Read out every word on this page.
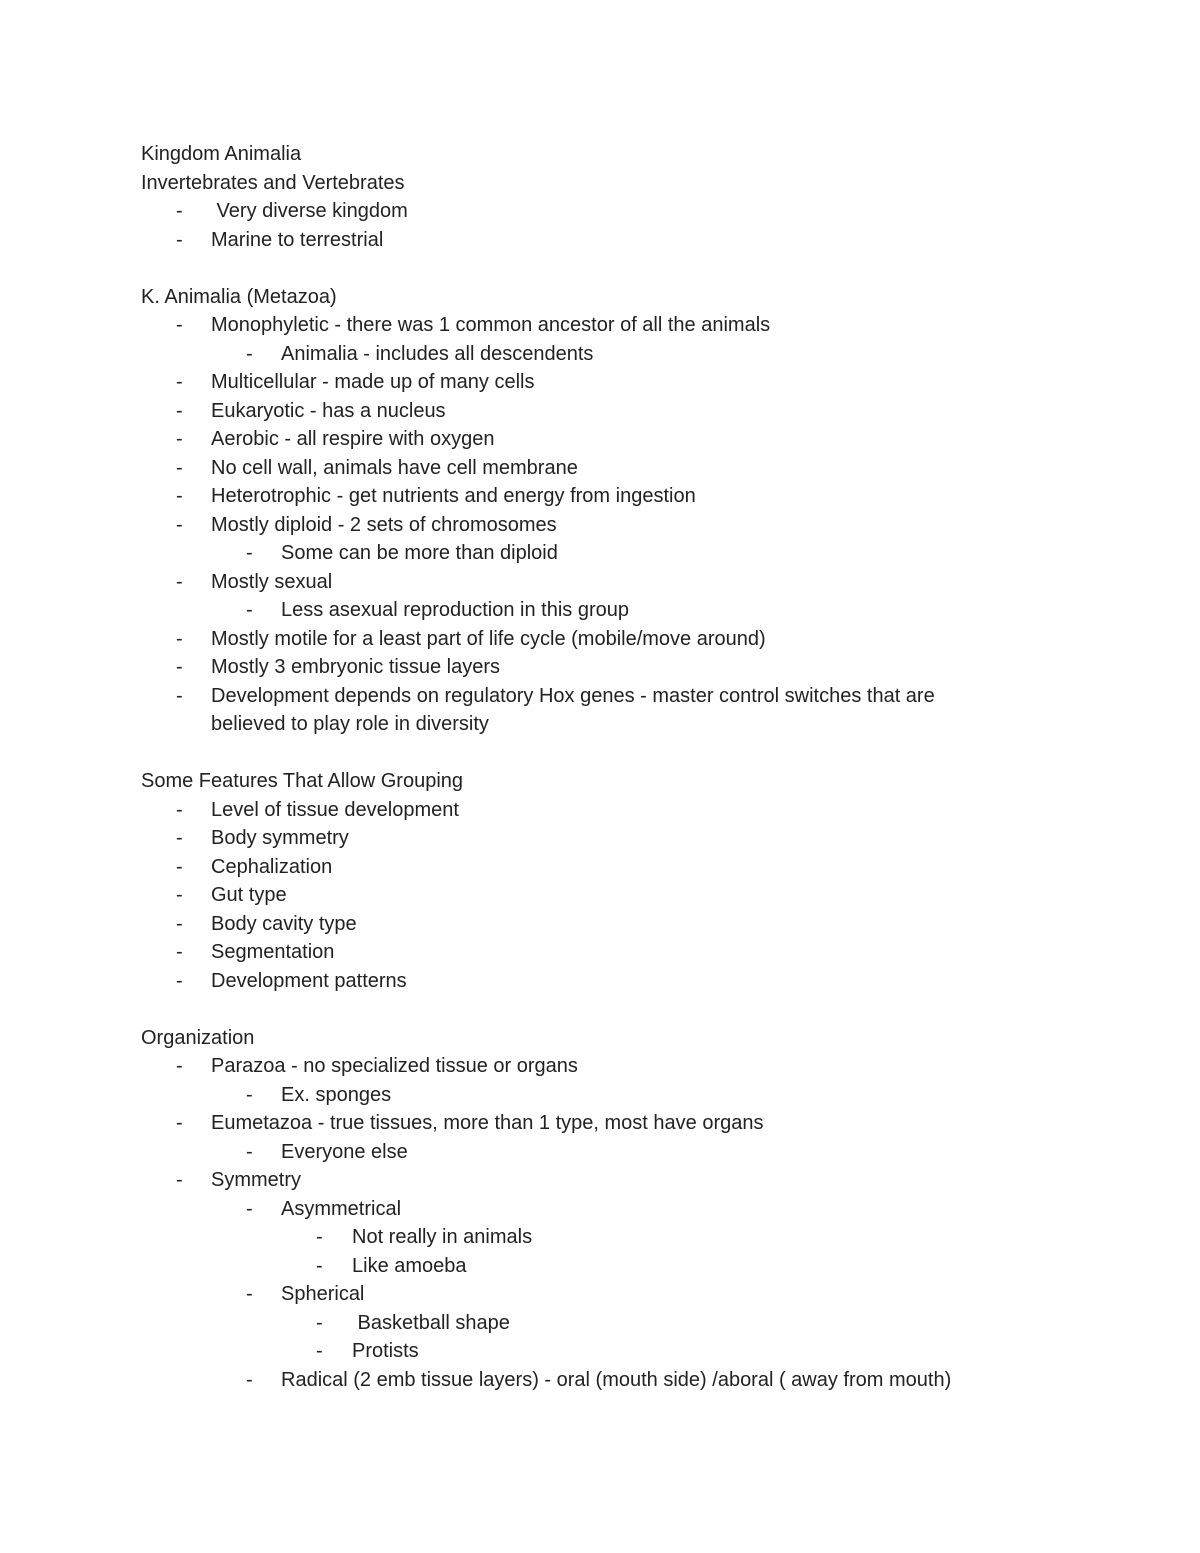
Kingdom Animalia
Invertebrates and Vertebrates
- Very diverse kingdom
- Marine to terrestrial
K. Animalia (Metazoa)
- Monophyletic - there was 1 common ancestor of all the animals
- Animalia - includes all descendents
- Multicellular - made up of many cells
- Eukaryotic - has a nucleus
- Aerobic - all respire with oxygen
- No cell wall, animals have cell membrane
- Heterotrophic - get nutrients and energy from ingestion
- Mostly diploid - 2 sets of chromosomes
- Some can be more than diploid
- Mostly sexual
- Less asexual reproduction in this group
- Mostly motile for a least part of life cycle (mobile/move around)
- Mostly 3 embryonic tissue layers
- Development depends on regulatory Hox genes - master control switches that are
believed to play role in diversity
Some Features That Allow Grouping
- Level of tissue development
- Body symmetry
- Cephalization
- Gut type
- Body cavity type
- Segmentation
- Development patterns
Organization
- Parazoa - no specialized tissue or organs
- Ex. sponges
- Eumetazoa - true tissues, more than 1 type, most have organs
- Everyone else
- Symmetry
- Asymmetrical
- Not really in animals
- Like amoeba
- Spherical
- Basketball shape
- Protists
- Radical (2 emb tissue layers) - oral (mouth side) /aboral ( away from mouth)
